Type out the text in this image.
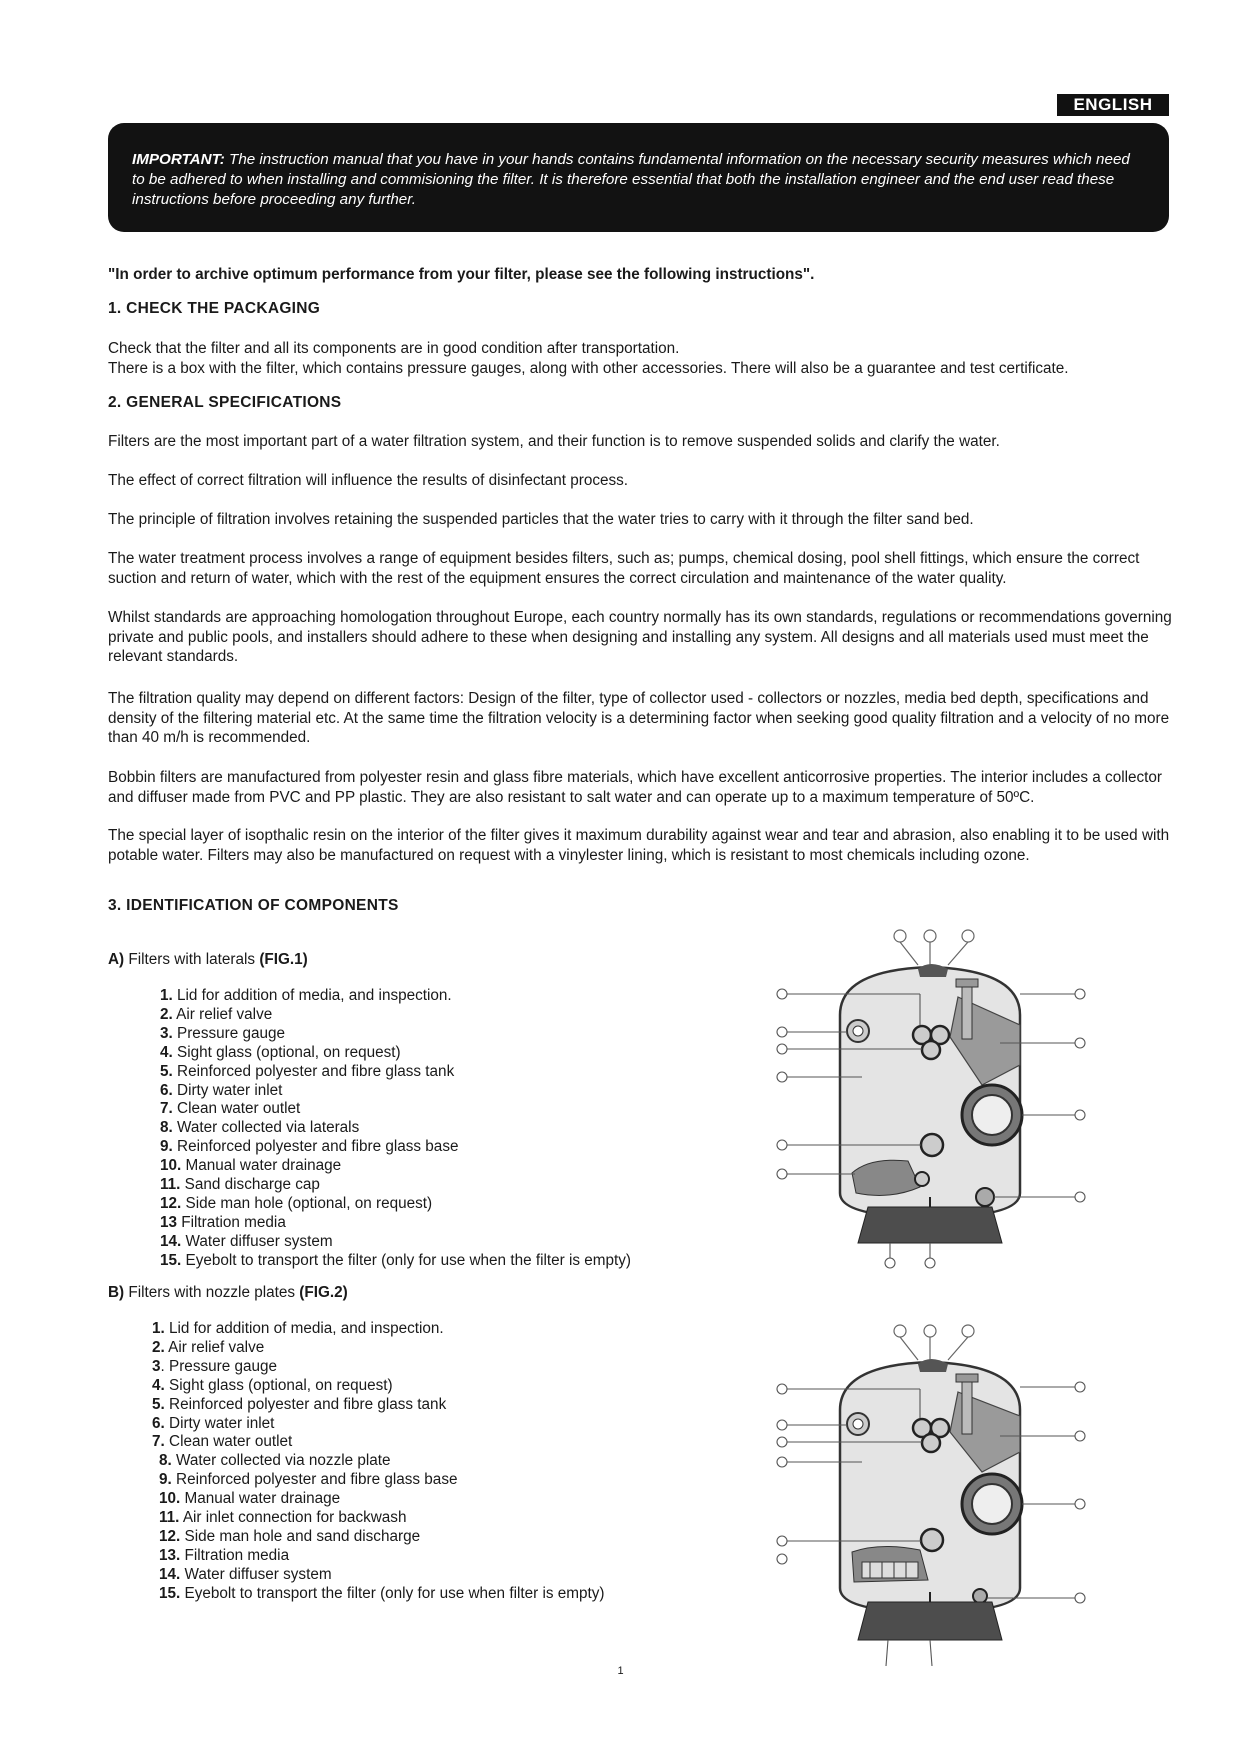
ENGLISH
IMPORTANT: The instruction manual that you have in your hands contains fundamental information on the necessary security measures which need to be adhered to when installing and commisioning the filter. It is therefore essential that both the installation engineer and the end user read these instructions before proceeding any further.
"In order to archive optimum performance from your filter, please see the following instructions".
1. CHECK THE PACKAGING
Check that the filter and all its components are in good condition after transportation.
There is a box with the filter, which contains pressure gauges, along with other accessories. There will also be a guarantee and test certificate.
2. GENERAL SPECIFICATIONS
Filters are the most important part of a water filtration system, and their function is to remove suspended solids and clarify the water.
The effect of correct filtration will influence the results of disinfectant process.
The principle of filtration involves retaining the suspended particles that the water tries to carry with it through the filter sand bed.
The water treatment process involves a range of equipment besides filters, such as; pumps, chemical dosing, pool shell fittings, which ensure the correct suction and return of water, which with the rest of the equipment ensures the correct circulation and maintenance of the water quality.
Whilst standards are approaching homologation throughout Europe, each country normally has its own standards, regulations or recommendations governing private and public pools, and installers should adhere to these when designing and installing any system. All designs and all materials used must meet the relevant standards.
The filtration quality may depend on different factors: Design of the filter, type of collector used - collectors or nozzles, media bed depth, specifications and density of the filtering material etc. At the same time the filtration velocity is a determining factor when seeking good quality filtration and a velocity of no more than 40 m/h is recommended.
Bobbin filters are manufactured from polyester resin and glass fibre materials, which have excellent anticorrosive properties. The interior includes a collector and diffuser made from PVC and PP plastic. They are also resistant to salt water and can operate up to a maximum temperature of 50ºC.
The special layer of isopthalic resin on the interior of the filter gives it maximum durability against wear and tear and abrasion, also enabling it to be used with potable water. Filters may also be manufactured on request with a vinylester lining, which is resistant to most chemicals including ozone.
3. IDENTIFICATION OF COMPONENTS
A) Filters with laterals (FIG.1)
1. Lid for addition of media, and inspection.
2. Air relief valve
3. Pressure gauge
4. Sight glass (optional, on request)
5. Reinforced polyester and fibre glass tank
6. Dirty water inlet
7. Clean water outlet
8. Water collected via laterals
9. Reinforced polyester and fibre glass base
10. Manual water drainage
11. Sand discharge cap
12. Side man hole (optional, on request)
13 Filtration media
14. Water diffuser system
15. Eyebolt to transport the filter (only for use when the filter is empty)
B) Filters with nozzle plates (FIG.2)
1. Lid for addition of media, and inspection.
2. Air relief valve
3. Pressure gauge
4. Sight glass (optional, on request)
5. Reinforced polyester and fibre glass tank
6. Dirty water inlet
7. Clean water outlet
8. Water collected via nozzle plate
9. Reinforced polyester and fibre glass base
10. Manual water drainage
11. Air inlet connection for backwash
12. Side man hole and sand discharge
13. Filtration media
14. Water diffuser system
15. Eyebolt to transport the filter (only for use when filter is empty)
1
